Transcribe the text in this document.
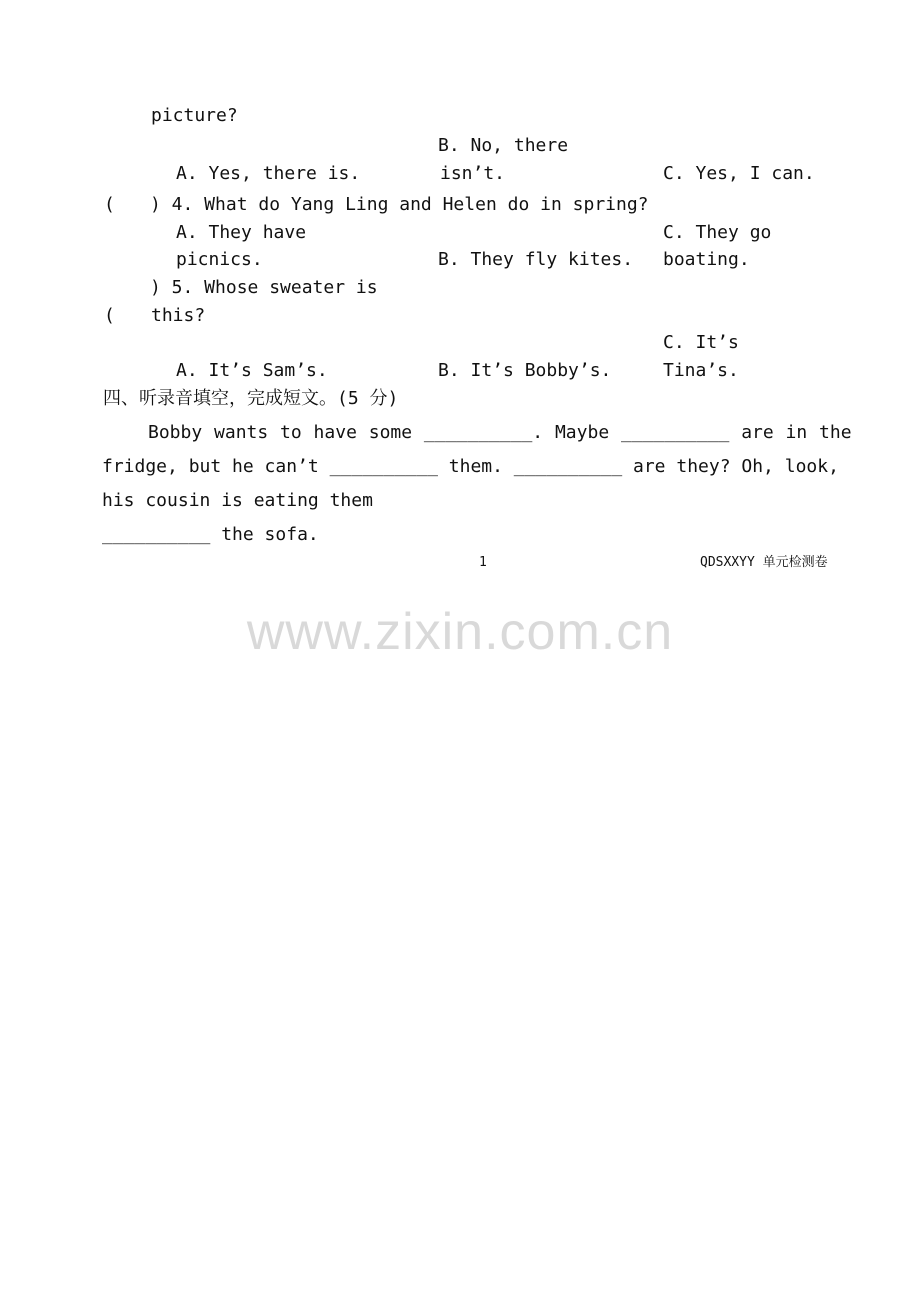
picture?
B. No, there
A. Yes, there is.	isn’t.	C. Yes, I can.
( ) 4. What do Yang Ling and Helen do in spring?
A. They have	C. They go
picnics.	B. They fly kites. boating.
) 5. Whose sweater is
( this?
C. It’s
A. It’s Sam’s.	B. It’s Bobby’s.	Tina’s.
四、听录音填空，完成短文。(5 分)
Bobby wants to have some __________. Maybe __________ are in the
fridge, but he can’t __________ them. __________ are they? Oh, look,
his cousin is eating them
__________ the sofa.
1	QDSXXYY 单元检测卷
www.zixin.com.cn
